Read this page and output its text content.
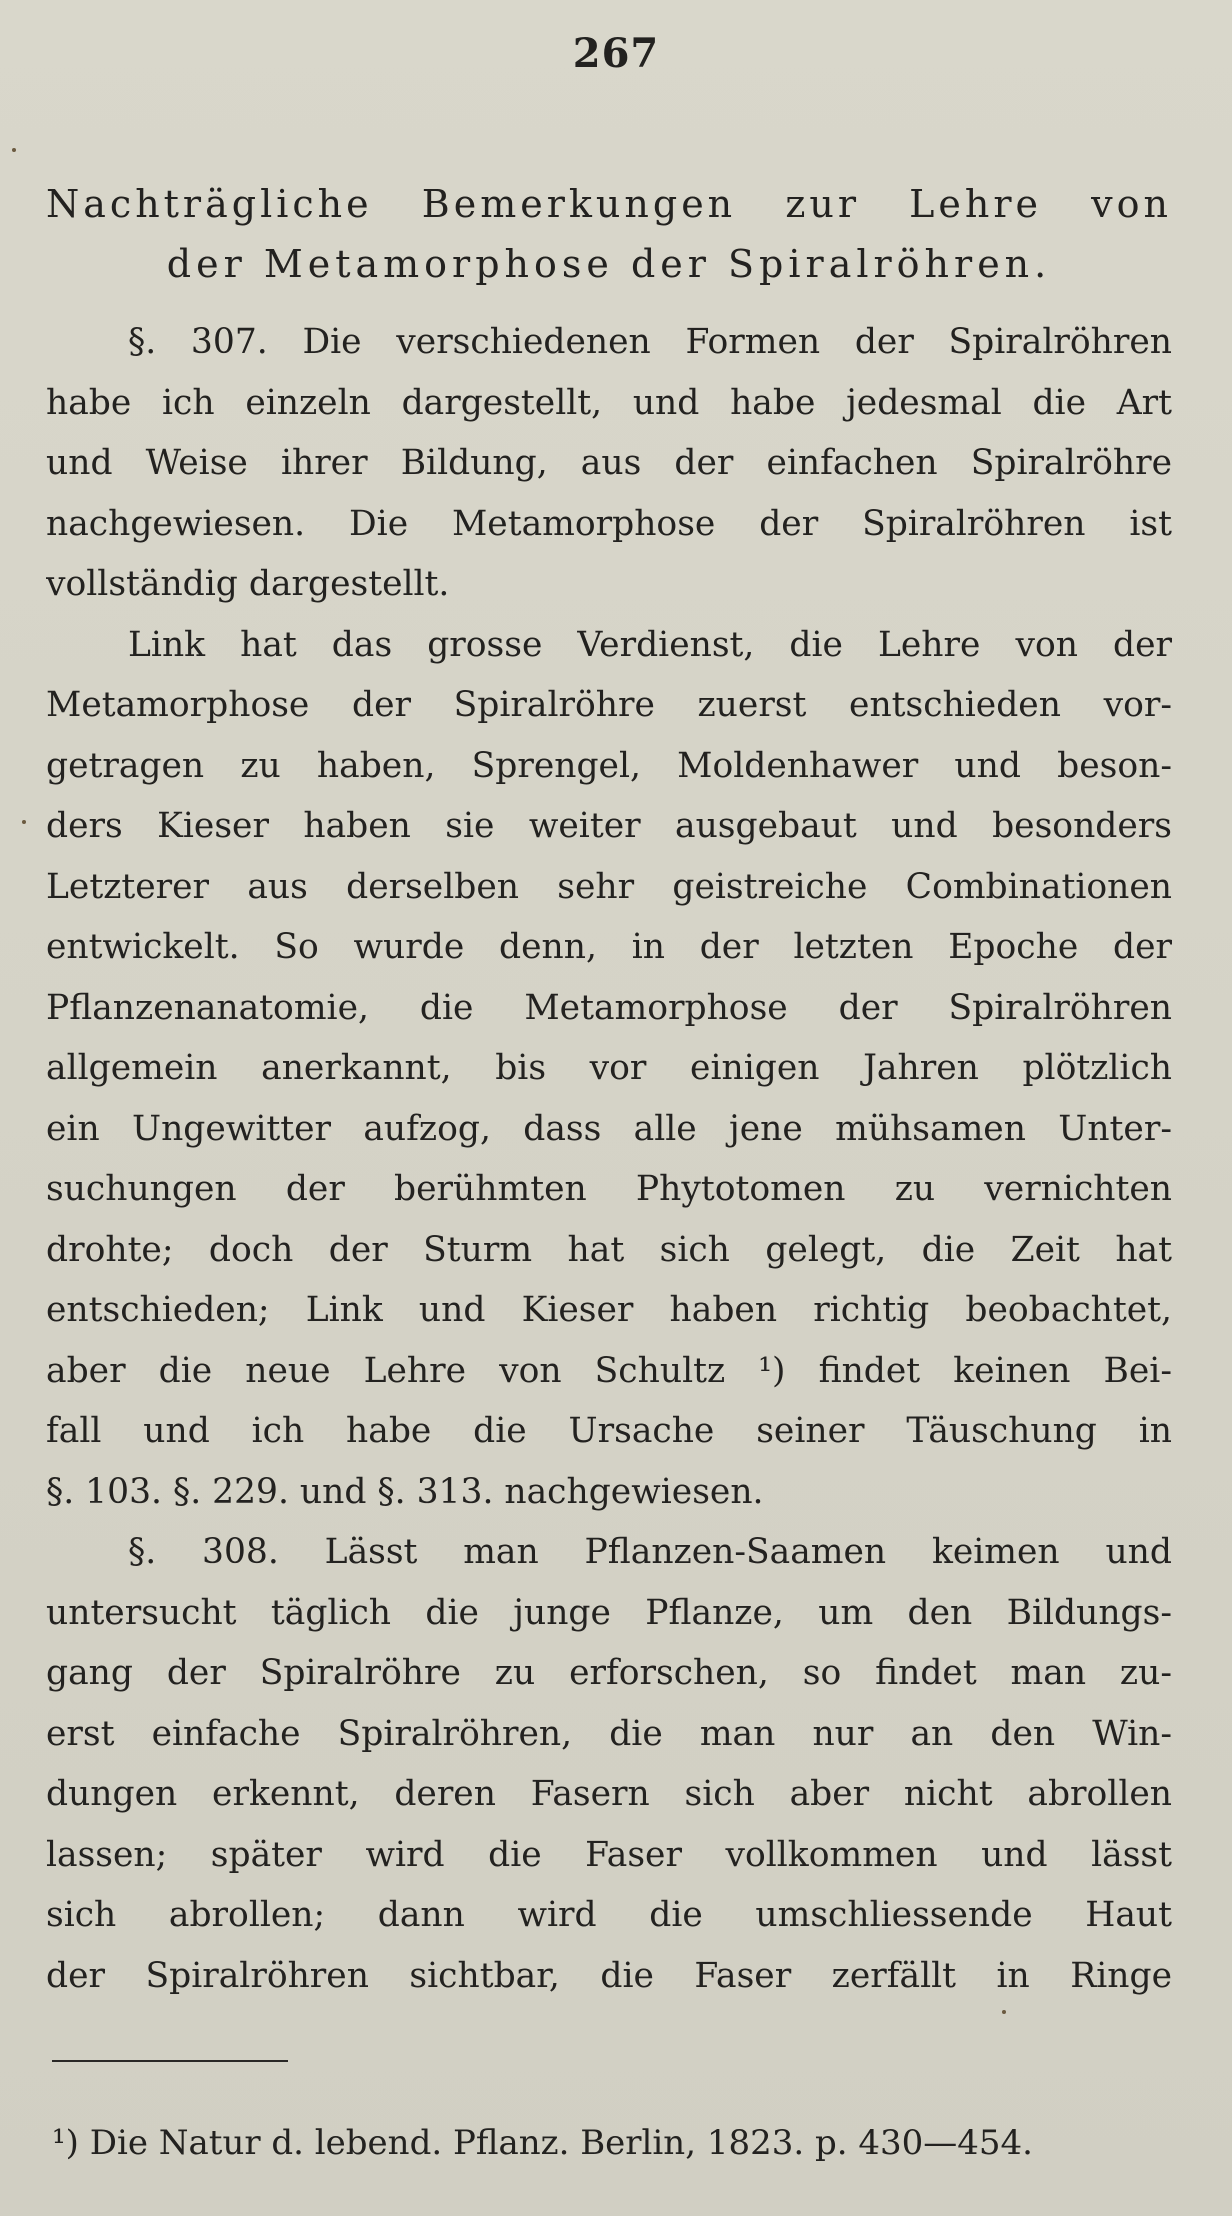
267
Nachträgliche Bemerkungen zur Lehre von
der Metamorphose der Spiralröhren.
§. 307. Die verschiedenen Formen der Spiralröhren
habe ich einzeln dargestellt, und habe jedesmal die Art
und Weise ihrer Bildung, aus der einfachen Spiralröhre
nachgewiesen. Die Metamorphose der Spiralröhren ist
vollständig dargestellt.
Link hat das grosse Verdienst, die Lehre von der
Metamorphose der Spiralröhre zuerst entschieden vor-
getragen zu haben, Sprengel, Moldenhawer und beson-
ders Kieser haben sie weiter ausgebaut und besonders
Letzterer aus derselben sehr geistreiche Combinationen
entwickelt. So wurde denn, in der letzten Epoche der
Pflanzenanatomie, die Metamorphose der Spiralröhren
allgemein anerkannt, bis vor einigen Jahren plötzlich
ein Ungewitter aufzog, dass alle jene mühsamen Unter-
suchungen der berühmten Phytotomen zu vernichten
drohte; doch der Sturm hat sich gelegt, die Zeit hat
entschieden; Link und Kieser haben richtig beobachtet,
aber die neue Lehre von Schultz ¹) findet keinen Bei-
fall und ich habe die Ursache seiner Täuschung in
§. 103. §. 229. und §. 313. nachgewiesen.
§. 308. Lässt man Pflanzen-Saamen keimen und
untersucht täglich die junge Pflanze, um den Bildungs-
gang der Spiralröhre zu erforschen, so findet man zu-
erst einfache Spiralröhren, die man nur an den Win-
dungen erkennt, deren Fasern sich aber nicht abrollen
lassen; später wird die Faser vollkommen und lässt
sich abrollen; dann wird die umschliessende Haut
der Spiralröhren sichtbar, die Faser zerfällt in Ringe
¹) Die Natur d. lebend. Pflanz. Berlin, 1823. p. 430—454.
